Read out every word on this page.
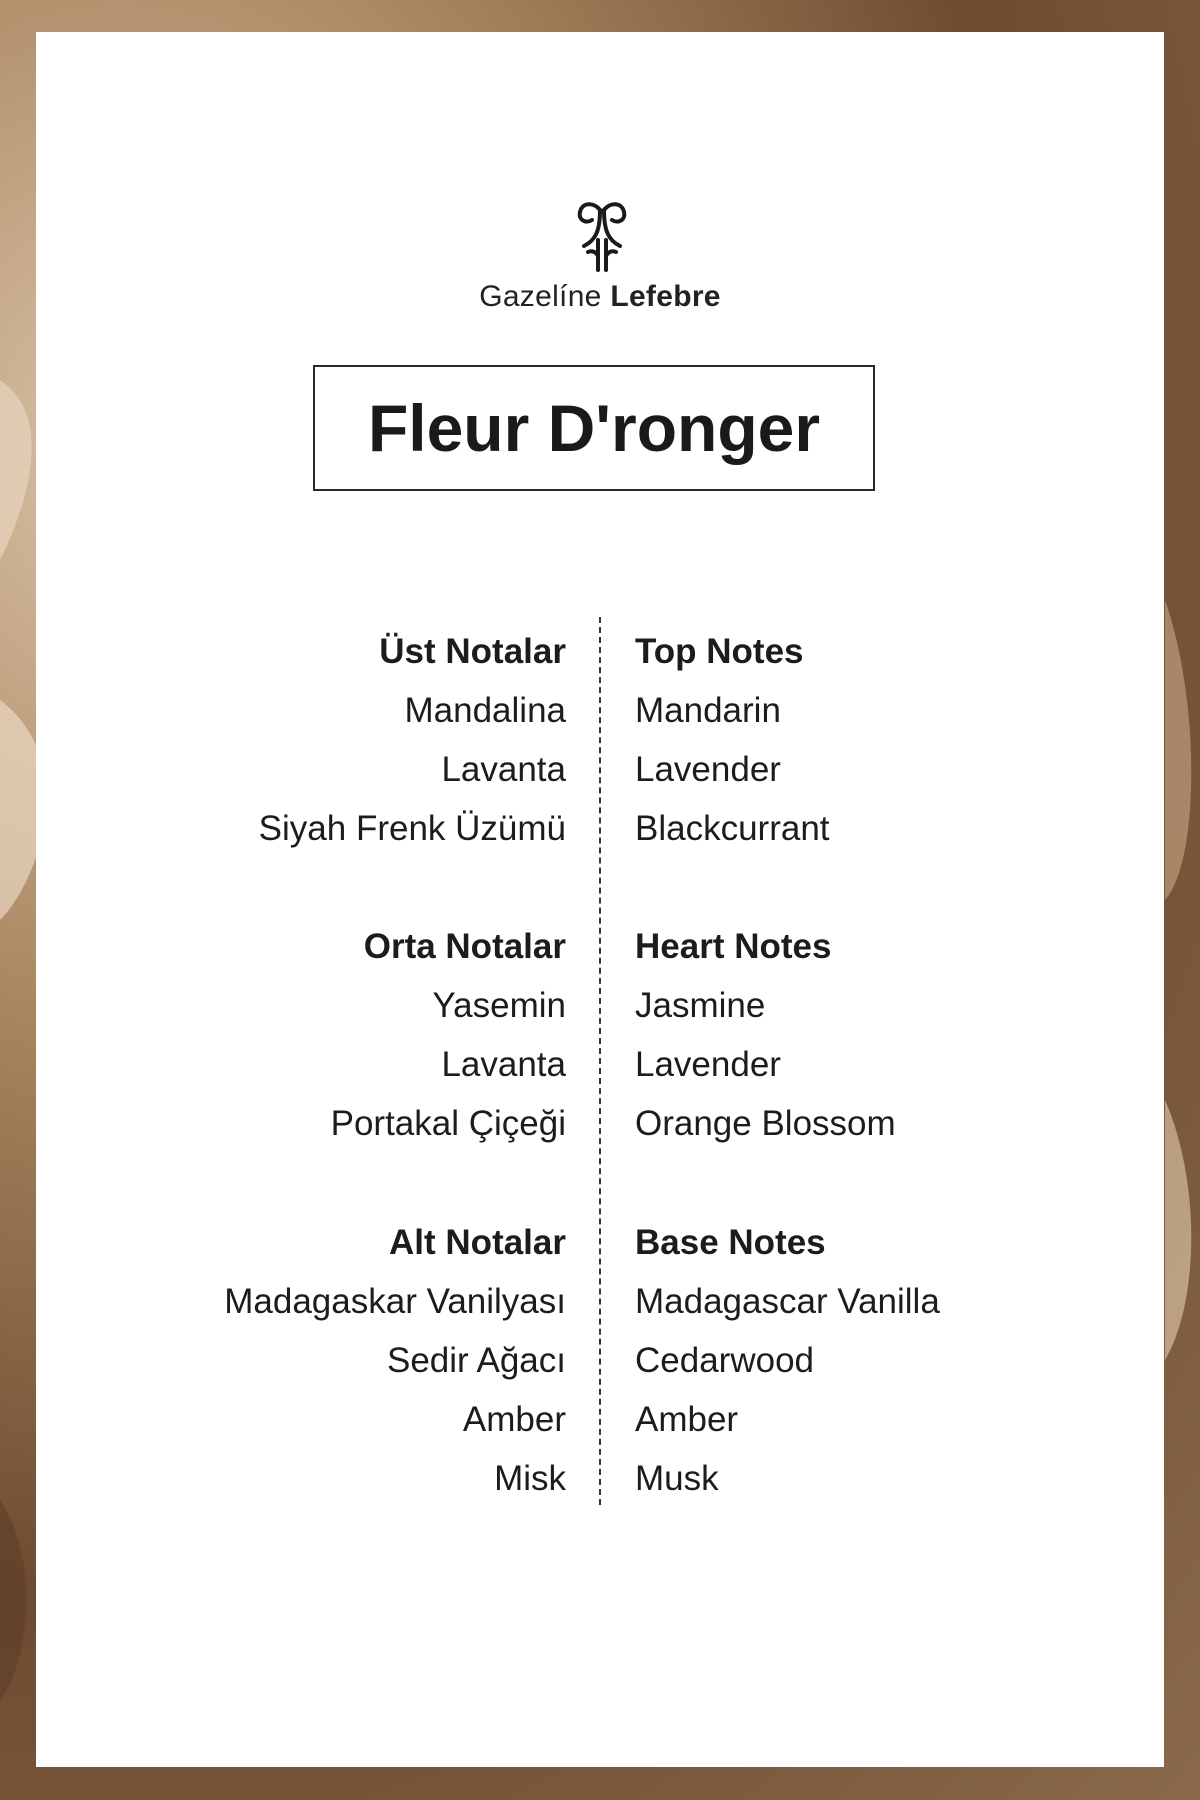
Gazelíne Lefebre
Fleur D'ronger
Üst Notalar
Mandalina
Lavanta
Siyah Frenk Üzümü
Orta Notalar
Yasemin
Lavanta
Portakal Çiçeği
Alt Notalar
Madagaskar Vanilyası
Sedir Ağacı
Amber
Misk
Top Notes
Mandarin
Lavender
Blackcurrant
Heart Notes
Jasmine
Lavender
Orange Blossom
Base Notes
Madagascar Vanilla
Cedarwood
Amber
Musk
